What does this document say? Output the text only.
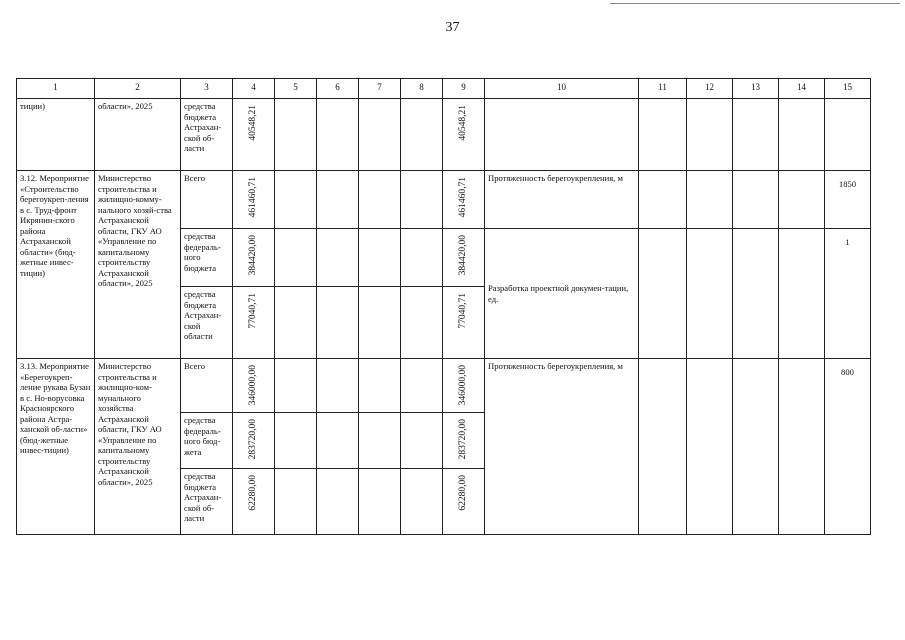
37
1	2	3	4	5	6	7	8	9	10	11	12	13	14	15
тиции)	области», 2025	средства бюджета Астрахан-ской об-ласти	40548,21					40548,21						

3.12. Мероприятие «Строительство берегоукреп-ления в с. Труд-фронт Икрянин-ского района Астраханской области» (бюд-жетные инвес-тиции)	Министерство строительства и жилищно-комму-нального хозяй-ства Астраханской области, ГКУ АО «Управление по капитальному строительству Астраханской области», 2025	Всего	461460,71					461460,71	Протяженность берегоукрепления, м					1850
		средства федераль-ного бюджета	384420,00					384420,00	Разработка проектной докумен-тации, ед.					1
		средства бюджета Астрахан-ской области	77040,71					77040,71						

3.13. Мероприятие «Берегоукреп-ление рукава Бузан в с. Но-ворусовка Красноярского района Астра-ханской об-ласти» (бюд-жетные инвес-тиции)	Министерство строительства и жилищно-ком-мунального хозяйства Астраханской области, ГКУ АО «Управление по капитальному строительству Астраханской области», 2025	Всего	346000,00					346000,00	Протяженность берегоукрепления, м					800
		средства федераль-ного бюд-жета	283720,00					283720,00						

		средства бюджета Астрахан-ской об-ласти	62280,00					62280,00						
